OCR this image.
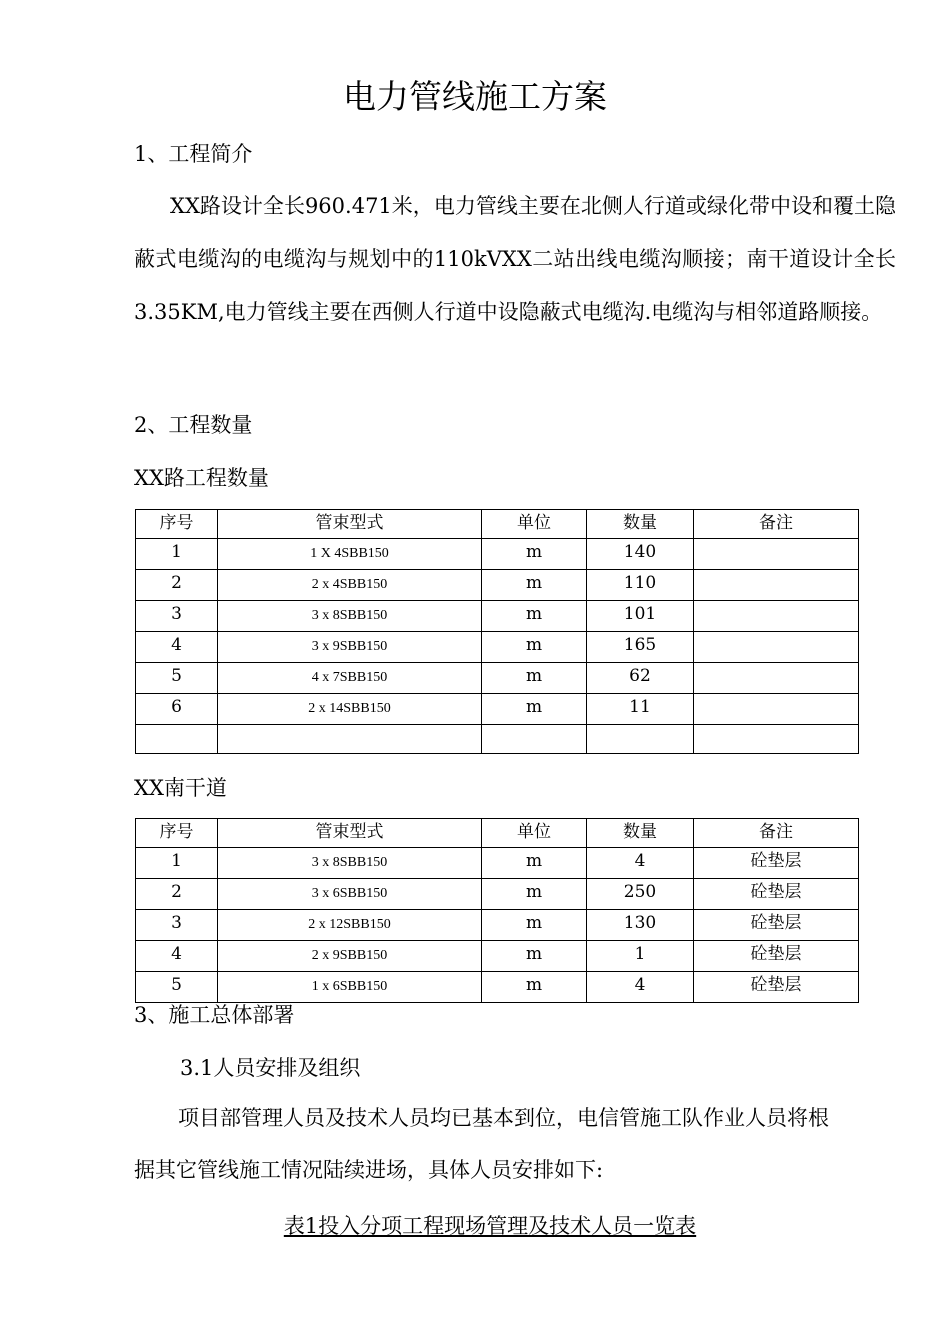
电力管线施工方案

1、工程简介

XX路设计全长960.471米，电力管线主要在北侧人行道或绿化带中设和覆土隐蔽式电缆沟的电缆沟与规划中的110kVXX二站出线电缆沟顺接；南干道设计全长3.35KM,电力管线主要在西侧人行道中设隐蔽式电缆沟.电缆沟与相邻道路顺接。

2、工程数量

XX路工程数量

序号	管束型式	单位	数量	备注
1	1 X 4SBB150	m	140	
2	2 x 4SBB150	m	110	
3	3 x 8SBB150	m	101	
4	3 x 9SBB150	m	165	
5	4 x 7SBB150	m	62	
6	2 x 14SBB150	m	11	

XX南干道

序号	管束型式	单位	数量	备注
1	3 x 8SBB150	m	4	砼垫层
2	3 x 6SBB150	m	250	砼垫层
3	2 x 12SBB150	m	130	砼垫层
4	2 x 9SBB150	m	1	砼垫层
5	1 x 6SBB150	m	4	砼垫层

3、施工总体部署

3.1人员安排及组织

项目部管理人员及技术人员均已基本到位，电信管施工队作业人员将根据其它管线施工情况陆续进场，具体人员安排如下:

表1投入分项工程现场管理及技术人员一览表
